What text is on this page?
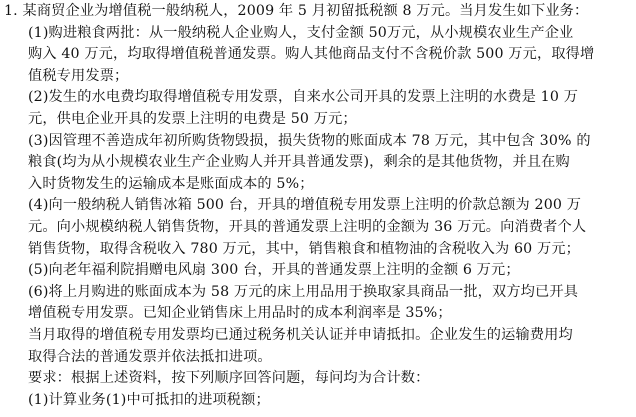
1. 某商贸企业为增值税一般纳税人，2009 年 5 月初留抵税额 8 万元。当月发生如下业务：
(1)购进粮食两批：从一般纳税人企业购人，支付金额 50万元，从小规模农业生产企业
购入 40 万元，均取得增值税普通发票。购人其他商品支付不含税价款 500 万元，取得增
值税专用发票；
(2)发生的水电费均取得增值税专用发票，自来水公司开具的发票上注明的水费是 10 万
元，供电企业开具的发票上注明的电费是 50 万元；
(3)因管理不善造成年初所购货物毁损，损失货物的账面成本 78 万元，其中包含 30% 的
粮食(均为从小规模农业生产企业购人并开具普通发票)，剩余的是其他货物，并且在购
入时货物发生的运输成本是账面成本的 5%；
(4)向一般纳税人销售冰箱 500 台，开具的增值税专用发票上注明的价款总额为 200 万
元。向小规模纳税人销售货物，开具的普通发票上注明的金额为 36 万元。向消费者个人
销售货物，取得含税收入 780 万元，其中，销售粮食和植物油的含税收入为 60 万元；
(5)向老年福利院捐赠电风扇 300 台，开具的普通发票上注明的金额 6 万元；
(6)将上月购进的账面成本为 58 万元的床上用品用于换取家具商品一批，双方均已开具
增值税专用发票。已知企业销售床上用品时的成本利润率是 35%；
当月取得的增值税专用发票均已通过税务机关认证并申请抵扣。企业发生的运输费用均
取得合法的普通发票并依法抵扣进项。
要求：根据上述资料，按下列顺序回答问题，每问均为合计数：
(1)计算业务(1)中可抵扣的进项税额；
